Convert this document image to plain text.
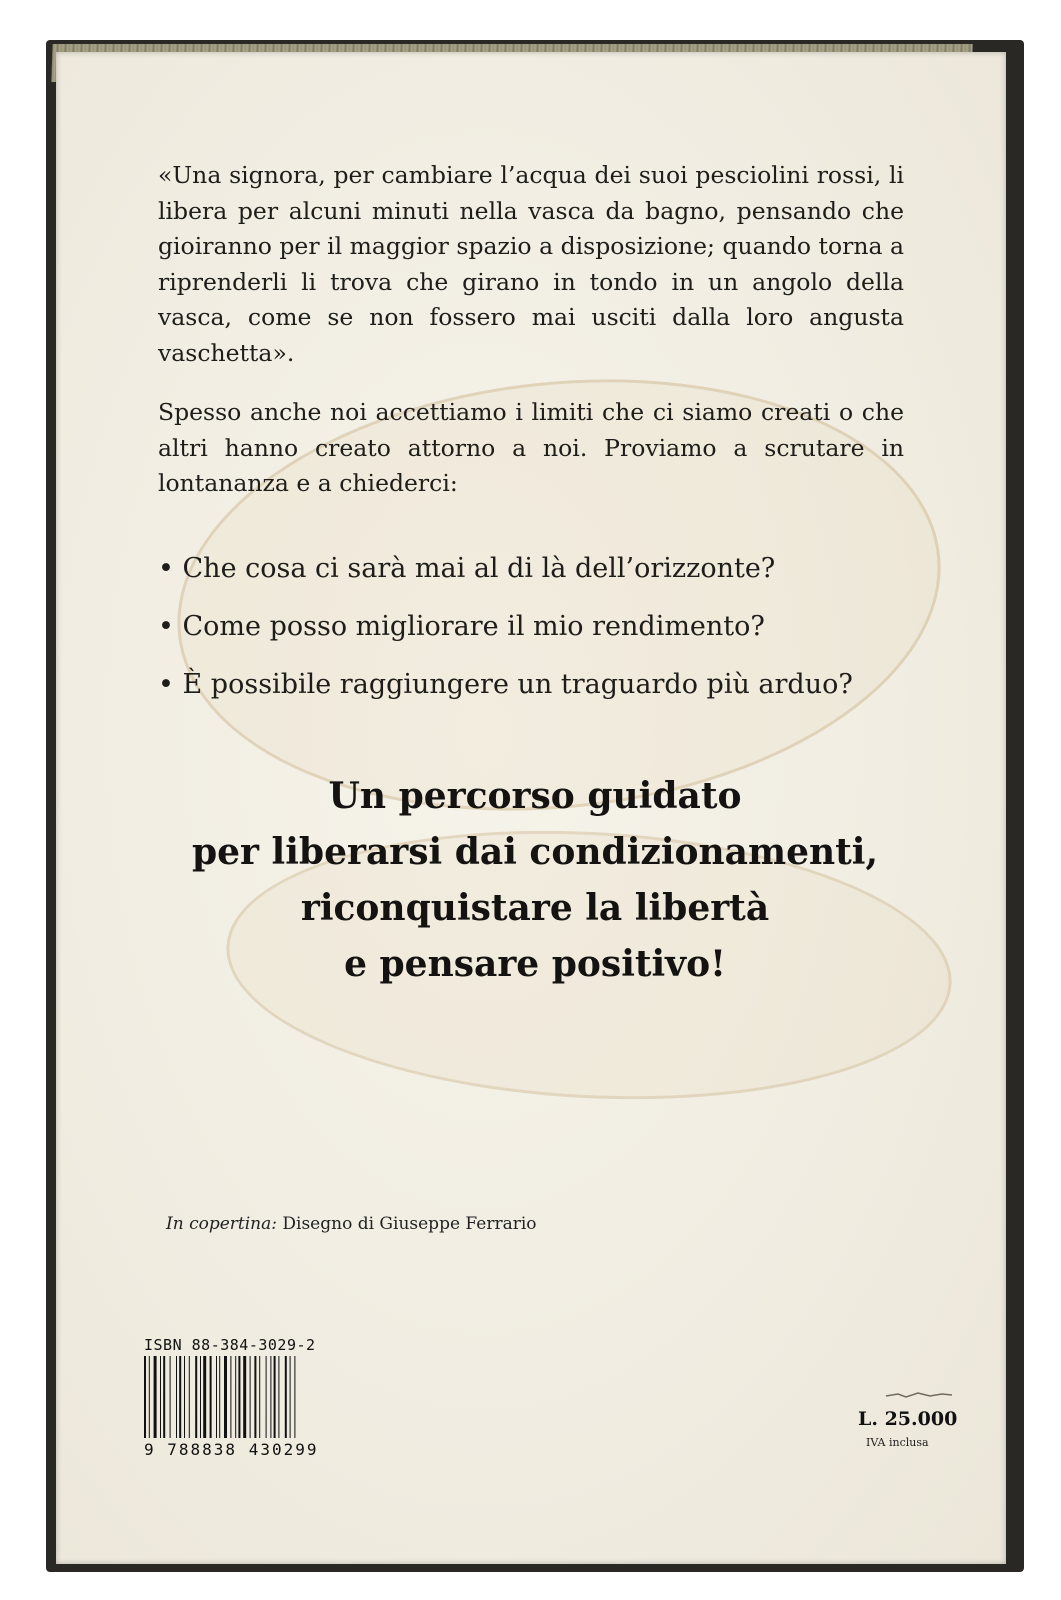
«Una signora, per cambiare l’acqua dei suoi pesciolini rossi, li libera per alcuni minuti nella vasca da bagno, pensando che gioiranno per il maggior spazio a disposizione; quando torna a riprenderli li trova che girano in tondo in un angolo della vasca, come se non fossero mai usciti dalla loro angusta vaschetta».

Spesso anche noi accettiamo i limiti che ci siamo creati o che altri hanno creato attorno a noi. Proviamo a scrutare in lontananza e a chiederci:

• Che cosa ci sarà mai al di là dell’orizzonte?
• Come posso migliorare il mio rendimento?
• È possibile raggiungere un traguardo più arduo?
Un percorso guidato
per liberarsi dai condizionamenti,
riconquistare la libertà
e pensare positivo!
In copertina: Disegno di Giuseppe Ferrario
ISBN 88-384-3029-2
9 788838 430299
L. 25.000
IVA inclusa
